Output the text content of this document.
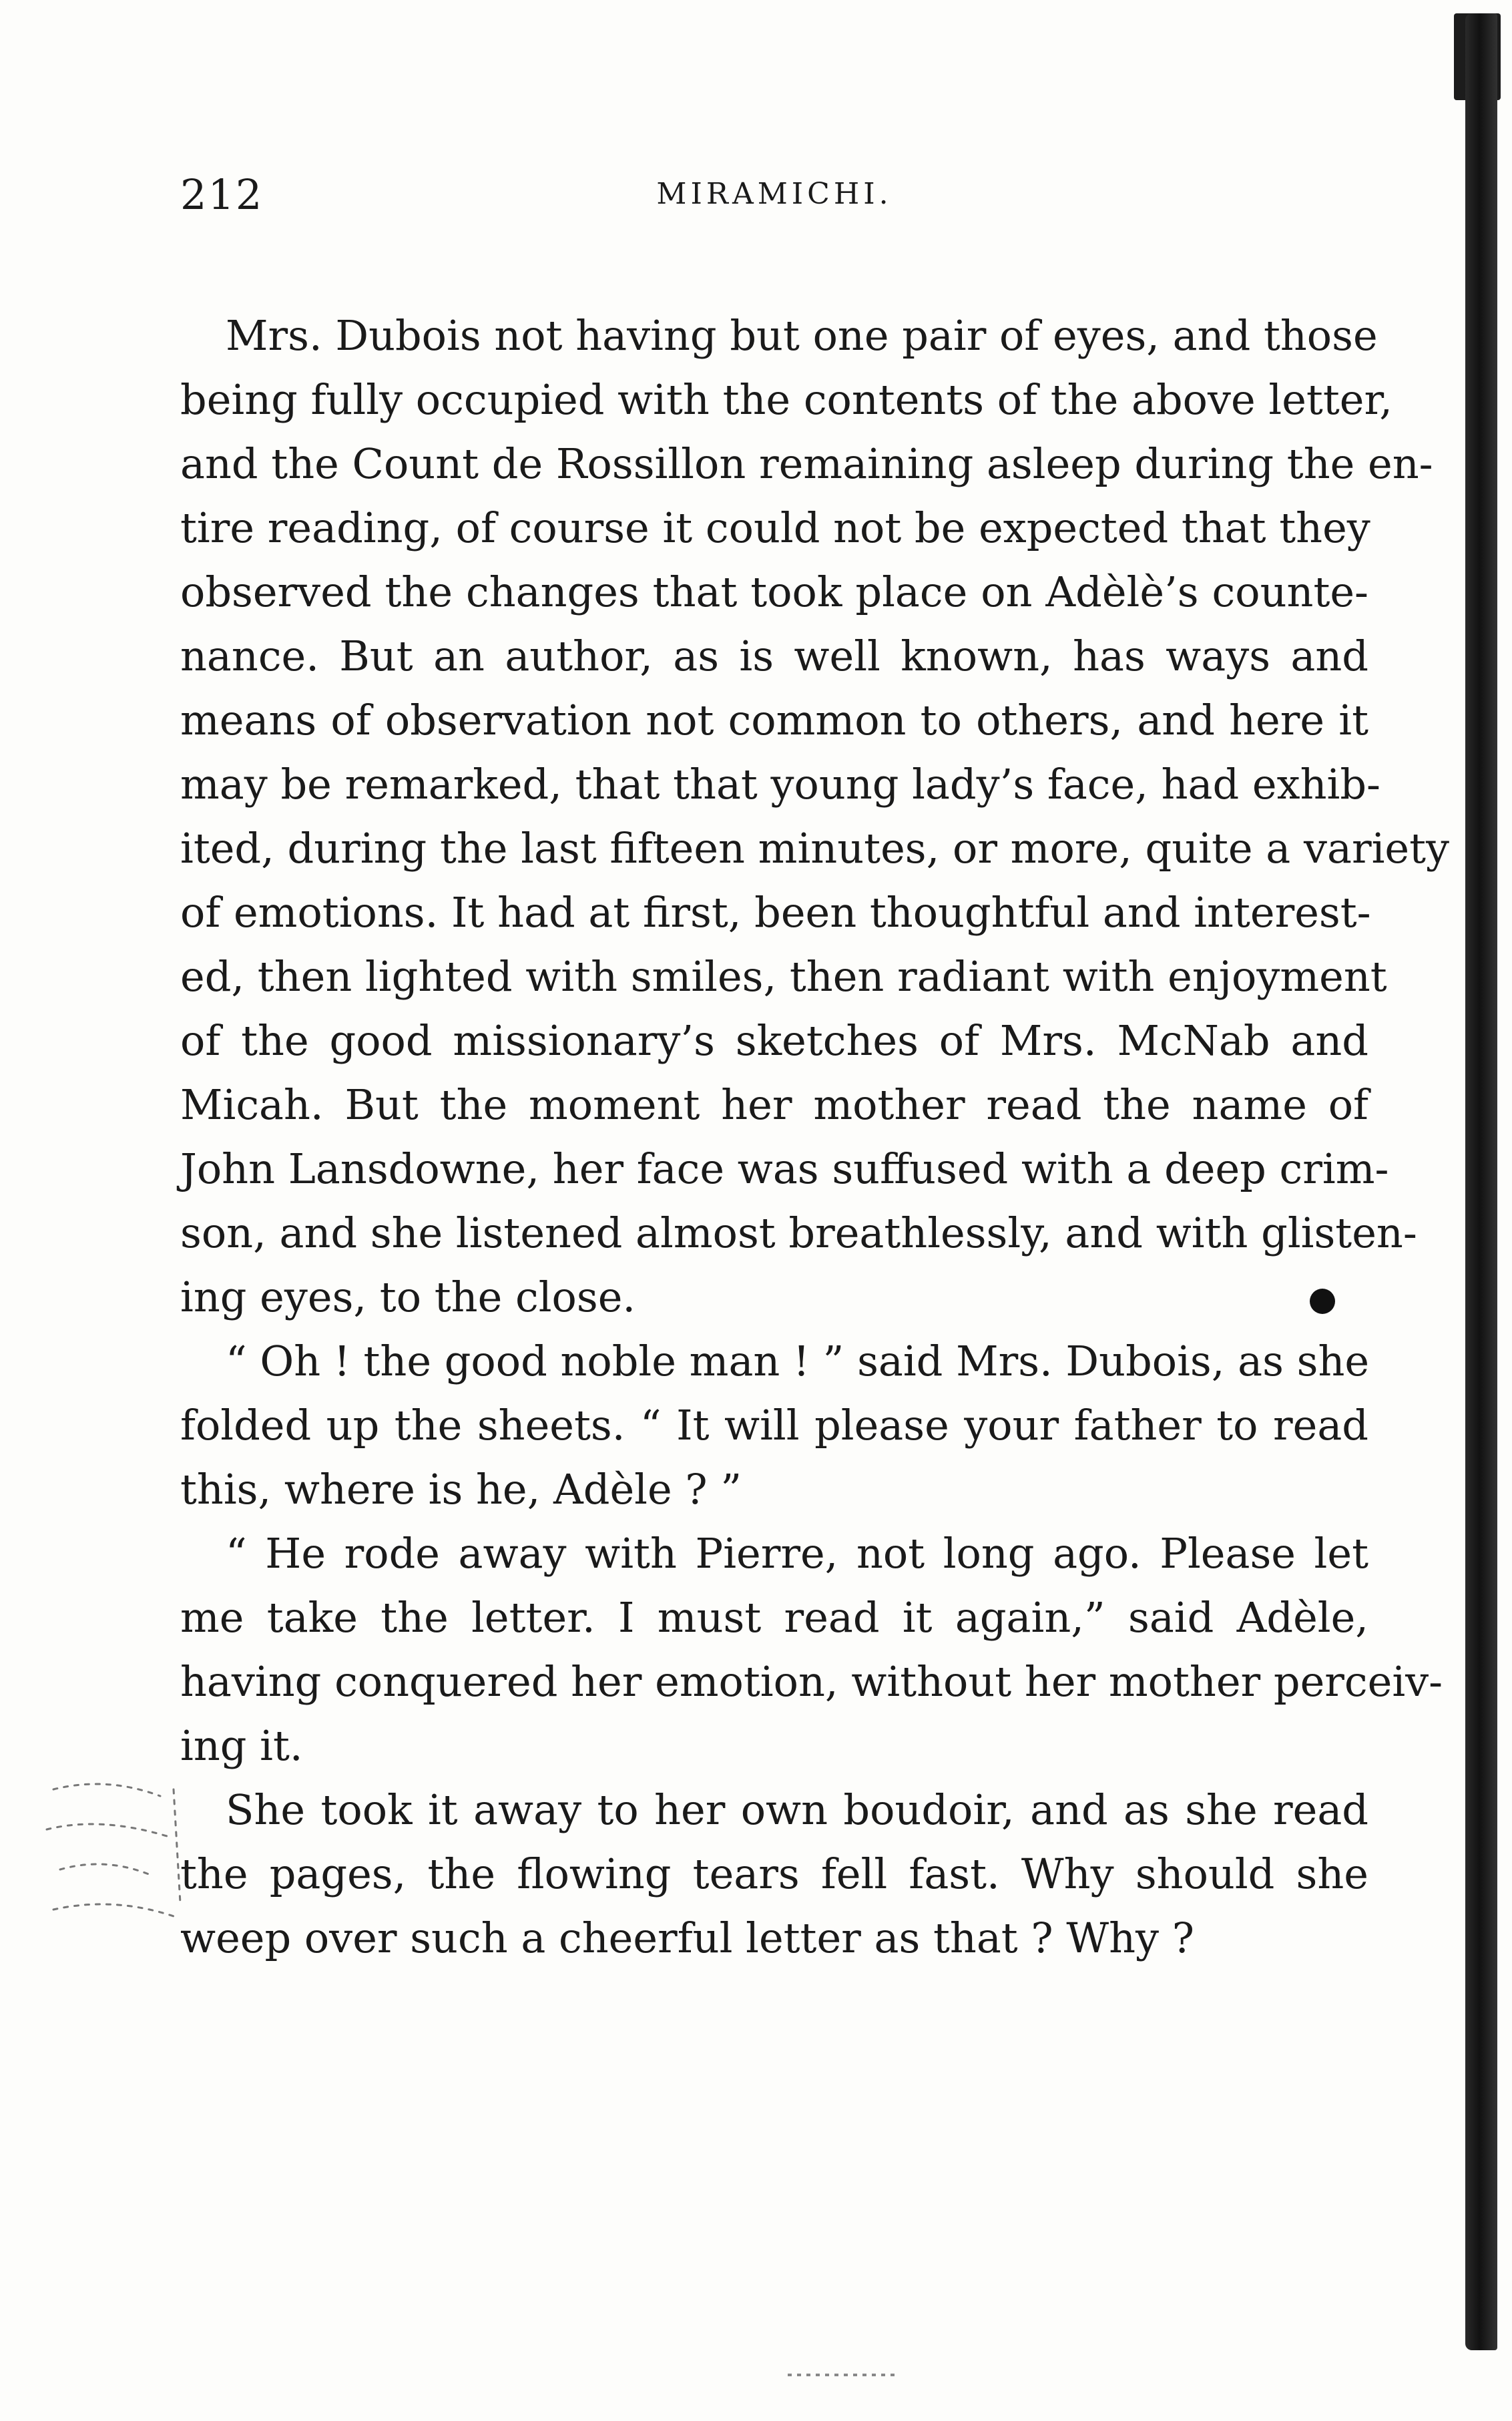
212	MIRAMICHI.
Mrs. Dubois not having but one pair of eyes, and those
being fully occupied with the contents of the above letter,
and the Count de Rossillon remaining asleep during the en-
tire reading, of course it could not be expected that they
observed the changes that took place on Adèlè’s counte-
nance. But an author, as is well known, has ways and
means of observation not common to others, and here it
may be remarked, that that young lady’s face, had exhib-
ited, during the last fifteen minutes, or more, quite a variety
of emotions. It had at first, been thoughtful and interest-
ed, then lighted with smiles, then radiant with enjoyment
of the good missionary’s sketches of Mrs. McNab and
Micah. But the moment her mother read the name of
John Lansdowne, her face was suffused with a deep crim-
son, and she listened almost breathlessly, and with glisten-
ing eyes, to the close.
“ Oh ! the good noble man ! ” said Mrs. Dubois, as she
folded up the sheets. “ It will please your father to read
this, where is he, Adèle ? ”
“ He rode away with Pierre, not long ago. Please let
me take the letter. I must read it again,” said Adèle,
having conquered her emotion, without her mother perceiv-
ing it.
She took it away to her own boudoir, and as she read
the pages, the flowing tears fell fast. Why should she
weep over such a cheerful letter as that ? Why ?
